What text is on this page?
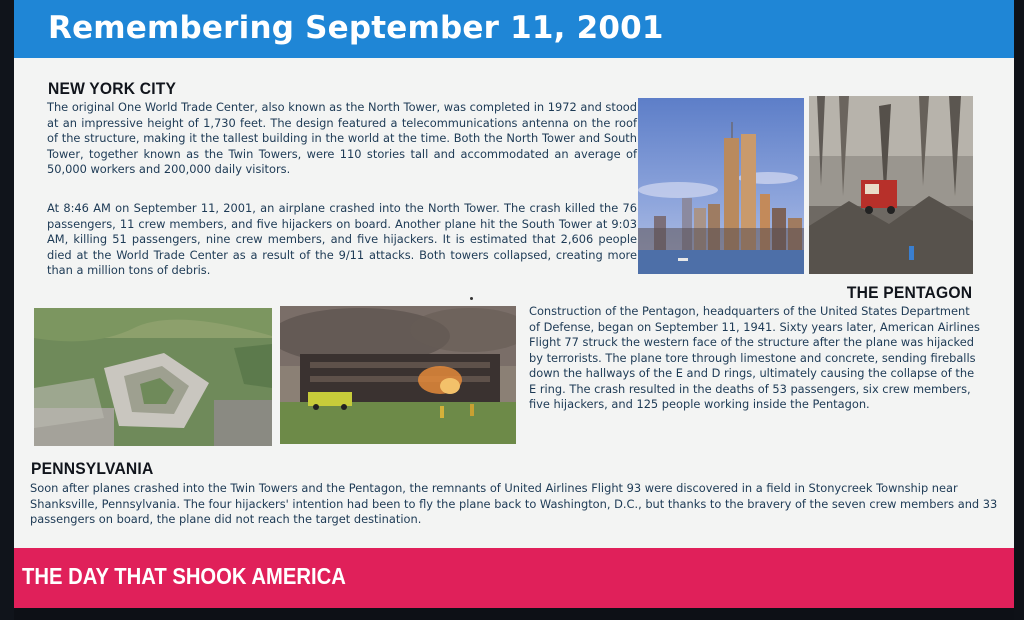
Remembering September 11, 2001
NEW YORK CITY

The original One World Trade Center, also known as the North Tower, was completed in 1972 and stood at an impressive height of 1,730 feet. The design featured a telecommunications antenna on the roof of the structure, making it the tallest building in the world at the time. Both the North Tower and South Tower, together known as the Twin Towers, were 110 stories tall and accommodated an average of 50,000 workers and 200,000 daily visitors.

At 8:46 AM on September 11, 2001, an airplane crashed into the North Tower. The crash killed the 76 passengers, 11 crew members, and five hijackers on board. Another plane hit the South Tower at 9:03 AM, killing 51 passengers, nine crew members, and five hijackers. It is estimated that 2,606 people died at the World Trade Center as a result of the 9/11 attacks. Both towers collapsed, creating more than a million tons of debris.

THE PENTAGON

Construction of the Pentagon, headquarters of the United States Department of Defense, began on September 11, 1941. Sixty years later, American Airlines Flight 77 struck the western face of the structure after the plane was hijacked by terrorists. The plane tore through limestone and concrete, sending fireballs down the hallways of the E and D rings, ultimately causing the collapse of the E ring. The crash resulted in the deaths of 53 passengers, six crew members, five hijackers, and 125 people working inside the Pentagon.

PENNSYLVANIA

Soon after planes crashed into the Twin Towers and the Pentagon, the remnants of United Airlines Flight 93 were discovered in a field in Stonycreek Township near Shanksville, Pennsylvania. The four hijackers' intention had been to fly the plane back to Washington, D.C., but thanks to the bravery of the seven crew members and 33 passengers on board, the plane did not reach the target destination.

THE DAY THAT SHOOK AMERICA
